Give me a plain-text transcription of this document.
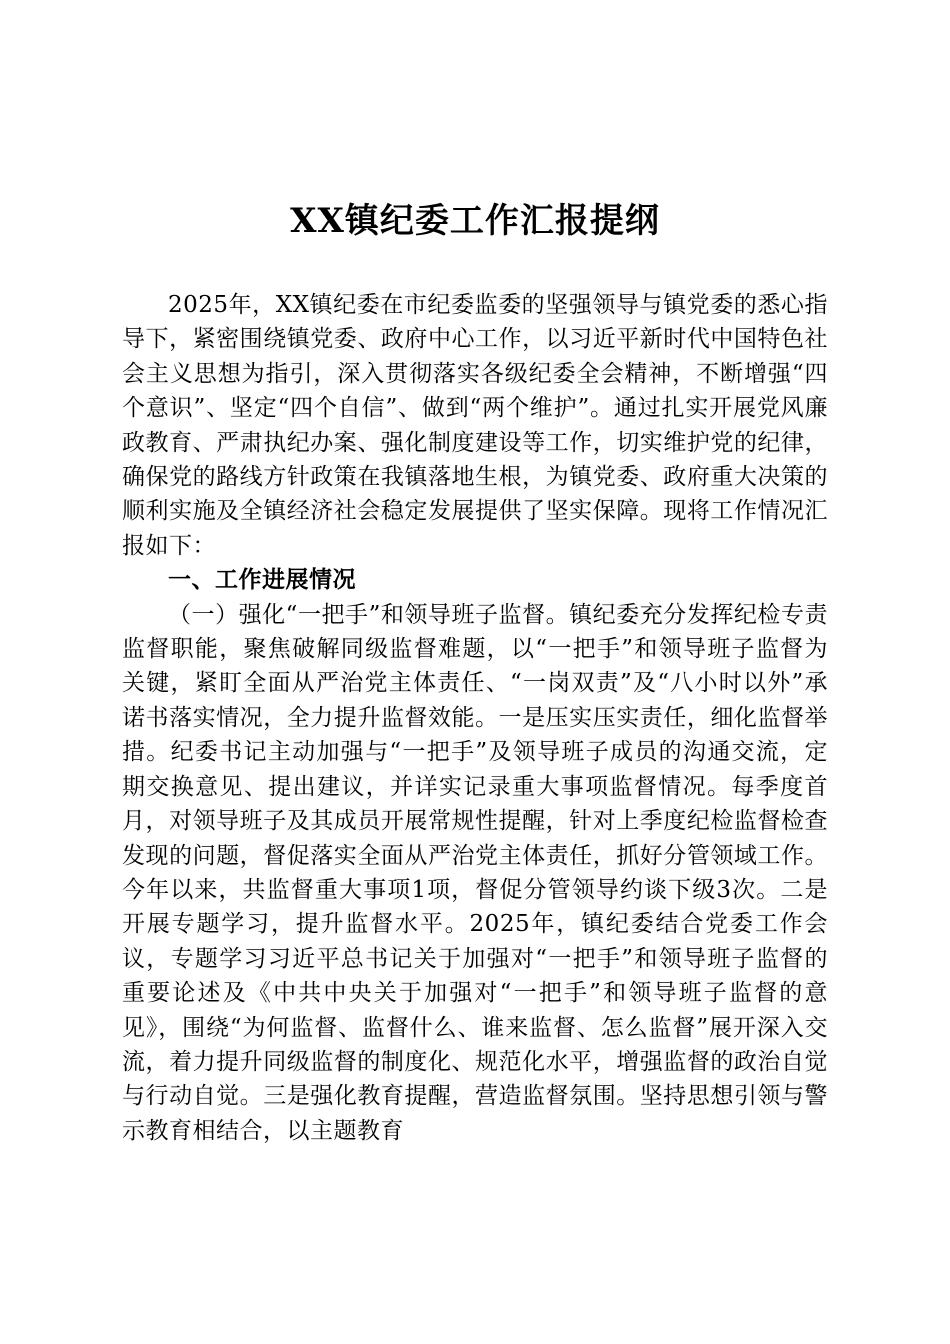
XX镇纪委工作汇报提纲

2025年，XX镇纪委在市纪委监委的坚强领导与镇党委的悉心指导下，紧密围绕镇党委、政府中心工作，以习近平新时代中国特色社会主义思想为指引，深入贯彻落实各级纪委全会精神，不断增强“四个意识”、坚定“四个自信”、做到“两个维护”。通过扎实开展党风廉政教育、严肃执纪办案、强化制度建设等工作，切实维护党的纪律，确保党的路线方针政策在我镇落地生根，为镇党委、政府重大决策的顺利实施及全镇经济社会稳定发展提供了坚实保障。现将工作情况汇报如下：

一、工作进展情况

（一）强化“一把手”和领导班子监督。镇纪委充分发挥纪检专责监督职能，聚焦破解同级监督难题，以“一把手”和领导班子监督为关键，紧盯全面从严治党主体责任、“一岗双责”及“八小时以外”承诺书落实情况，全力提升监督效能。一是压实压实责任，细化监督举措。纪委书记主动加强与“一把手”及领导班子成员的沟通交流，定期交换意见、提出建议，并详实记录重大事项监督情况。每季度首月，对领导班子及其成员开展常规性提醒，针对上季度纪检监督检查发现的问题，督促落实全面从严治党主体责任，抓好分管领域工作。今年以来，共监督重大事项1项，督促分管领导约谈下级3次。二是开展专题学习，提升监督水平。2025年，镇纪委结合党委工作会议，专题学习习近平总书记关于加强对“一把手”和领导班子监督的重要论述及《中共中央关于加强对“一把手”和领导班子监督的意见》，围绕“为何监督、监督什么、谁来监督、怎么监督”展开深入交流，着力提升同级监督的制度化、规范化水平，增强监督的政治自觉与行动自觉。三是强化教育提醒，营造监督氛围。坚持思想引领与警示教育相结合，以主题教育
